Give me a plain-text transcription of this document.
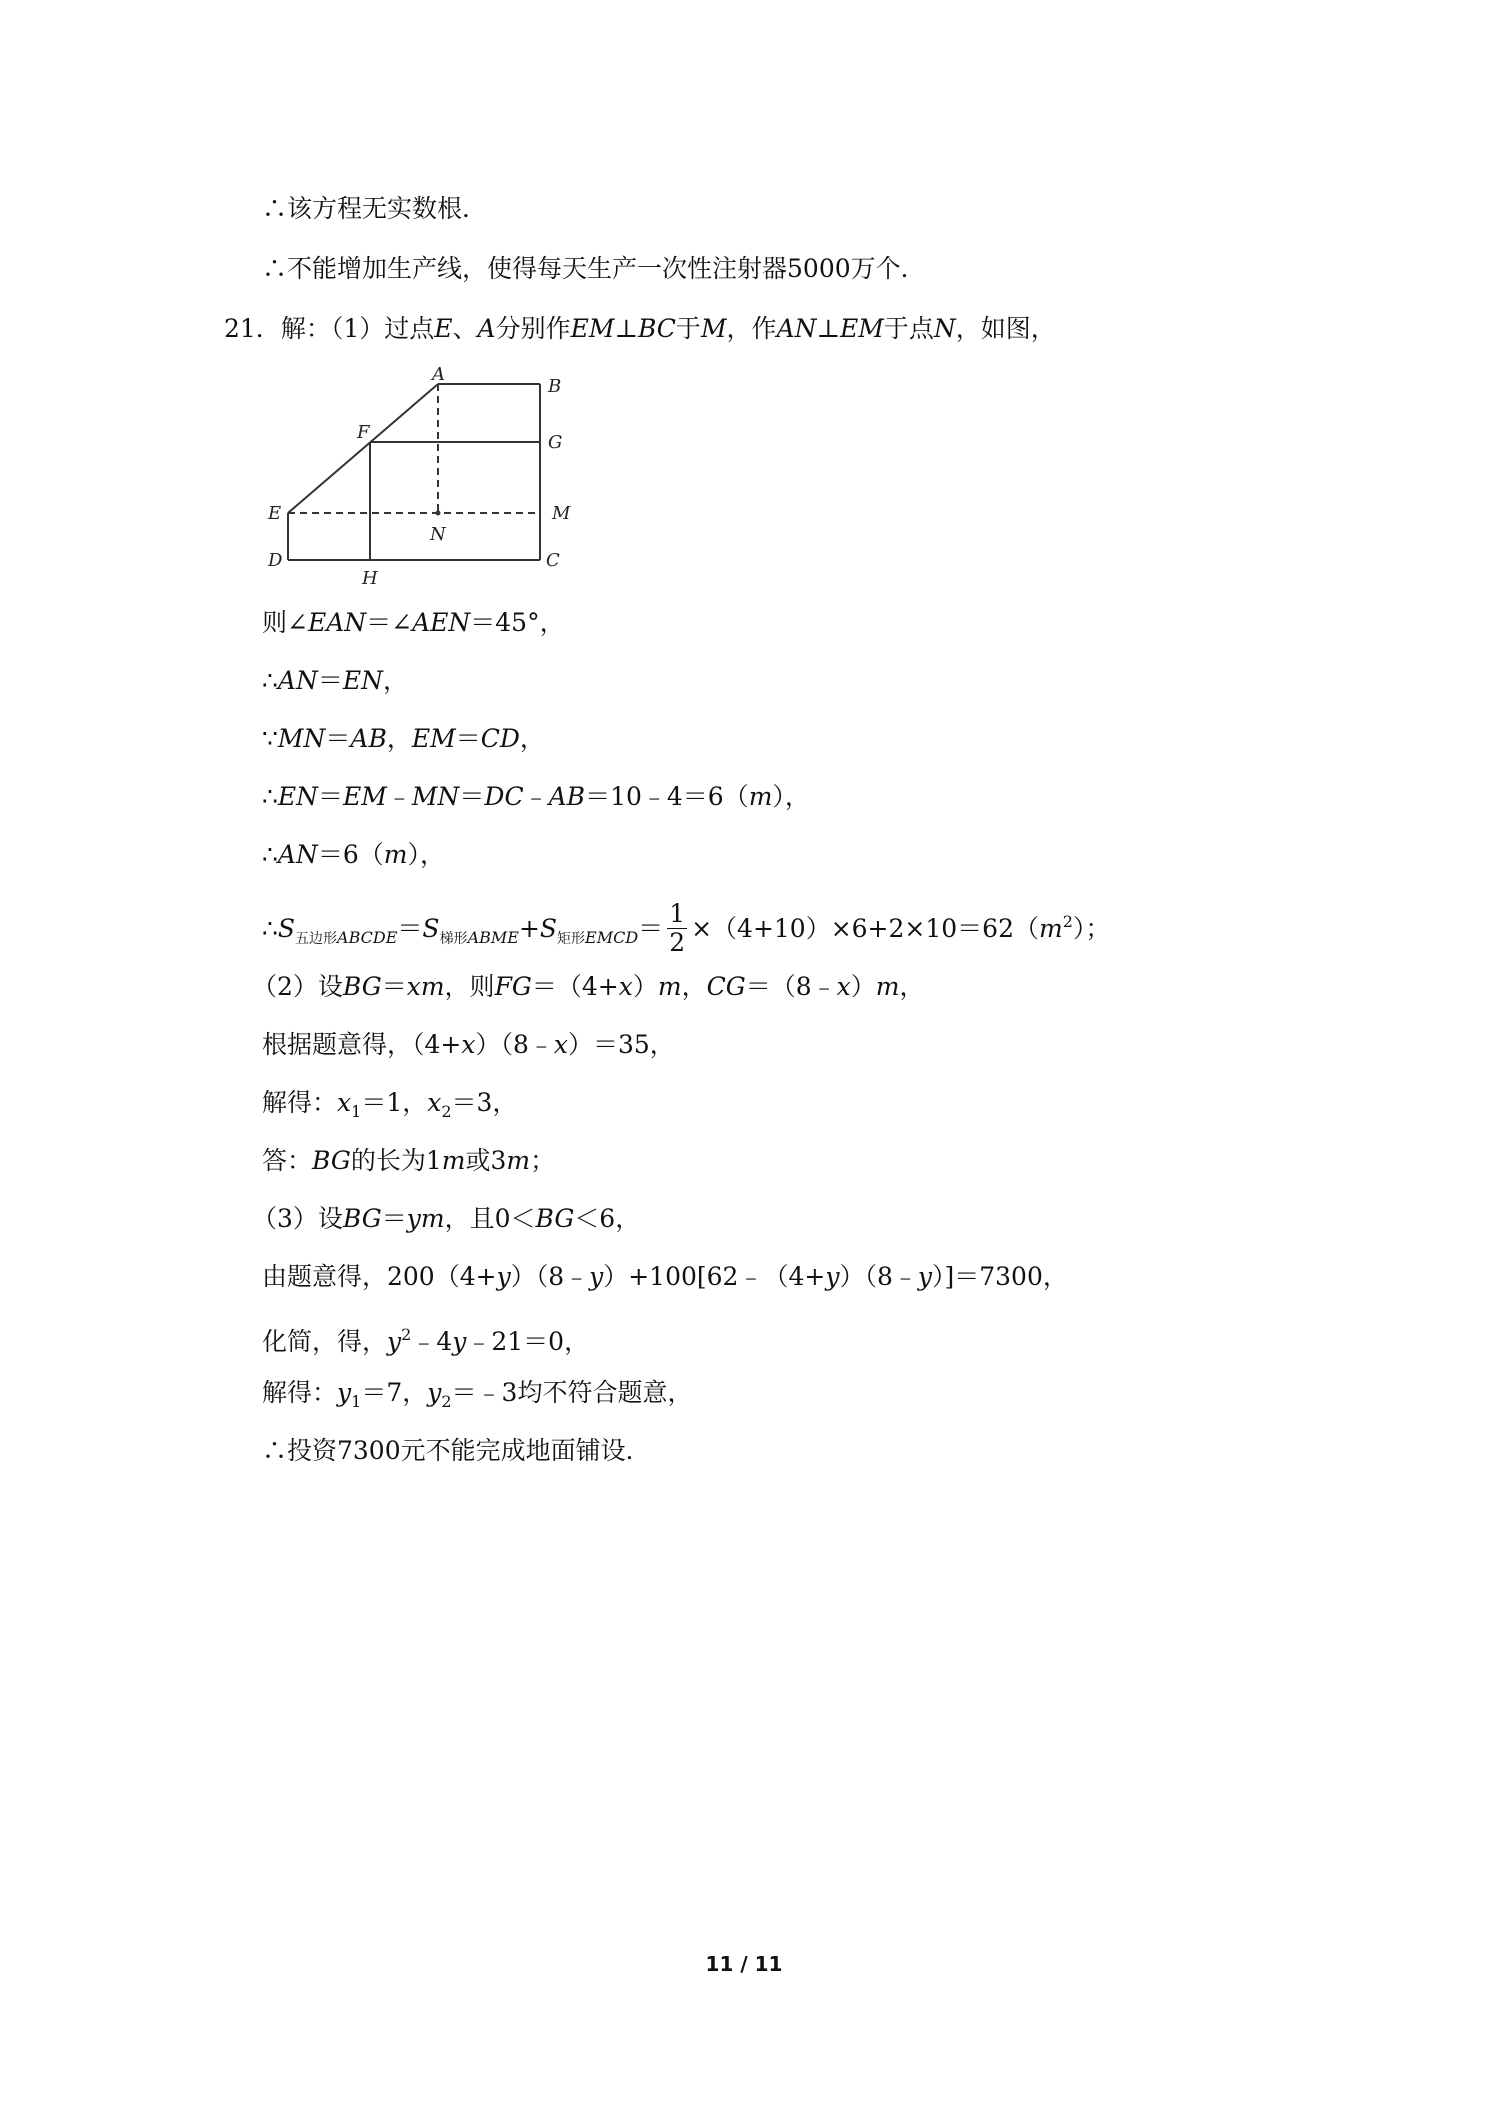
∴该方程无实数根．
∴不能增加生产线，使得每天生产一次性注射器5000万个．
21．解：（1）过点E、A分别作EM⊥BC于M，作AN⊥EM于点N，如图，
A
B
F	G
E	M
N
D
H
C
则∠EAN＝∠AEN＝45°，
∴AN＝EN，
∵MN＝AB，EM＝CD，
∴EN＝EM﹣MN＝DC﹣AB＝10﹣4＝6（m），
∴AN＝6（m），
$\therefore S_{五边形ABCDE}=S_{梯形ABME}+S_{矩形EMCD}= \frac{1}{2} \times(4+10)\times 6+2\times 10=62(m^2)$；
（2）设BG＝xm，则FG＝（4+x）m，CG＝（8﹣x）m，
根据题意得，（4+x）（8﹣x）＝35，
解得：$x_1=1$，$x_2=3$，
答：BG的长为1m或3m；
（3）设BG＝ym，且0＜BG＜6，
由题意得，200（4+y）（8﹣y）+100[62﹣（4+y）（8﹣y）]＝7300，
化简，得，$y^2﹣4y﹣21=0$，
解得：$y_1=7$，$y_2=﹣3$均不符合题意，
∴投资7300元不能完成地面铺设．
11 / 11
